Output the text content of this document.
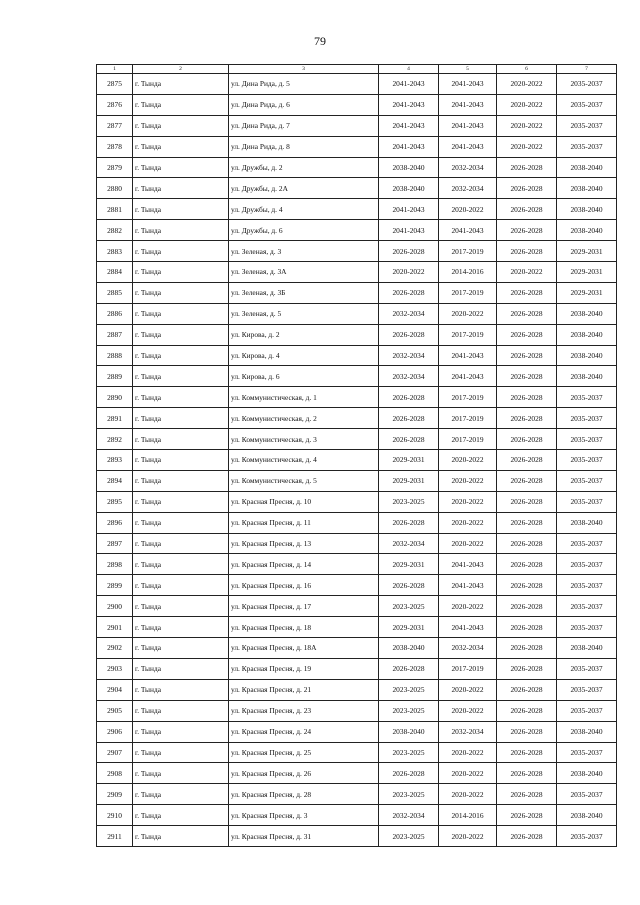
79
1	2	3	4	5	6	7
2875	г. Тында	ул. Дина Рида, д. 5	2041-2043	2041-2043	2020-2022	2035-2037
2876	г. Тында	ул. Дина Рида, д. 6	2041-2043	2041-2043	2020-2022	2035-2037
2877	г. Тында	ул. Дина Рида, д. 7	2041-2043	2041-2043	2020-2022	2035-2037
2878	г. Тында	ул. Дина Рида, д. 8	2041-2043	2041-2043	2020-2022	2035-2037
2879	г. Тында	ул. Дружбы, д. 2	2038-2040	2032-2034	2026-2028	2038-2040
2880	г. Тында	ул. Дружбы, д. 2А	2038-2040	2032-2034	2026-2028	2038-2040
2881	г. Тында	ул. Дружбы, д. 4	2041-2043	2020-2022	2026-2028	2038-2040
2882	г. Тында	ул. Дружбы, д. 6	2041-2043	2041-2043	2026-2028	2038-2040
2883	г. Тында	ул. Зеленая, д. 3	2026-2028	2017-2019	2026-2028	2029-2031
2884	г. Тында	ул. Зеленая, д. 3А	2020-2022	2014-2016	2020-2022	2029-2031
2885	г. Тында	ул. Зеленая, д. 3Б	2026-2028	2017-2019	2026-2028	2029-2031
2886	г. Тында	ул. Зеленая, д. 5	2032-2034	2020-2022	2026-2028	2038-2040
2887	г. Тында	ул. Кирова, д. 2	2026-2028	2017-2019	2026-2028	2038-2040
2888	г. Тында	ул. Кирова, д. 4	2032-2034	2041-2043	2026-2028	2038-2040
2889	г. Тында	ул. Кирова, д. 6	2032-2034	2041-2043	2026-2028	2038-2040
2890	г. Тында	ул. Коммунистическая, д. 1	2026-2028	2017-2019	2026-2028	2035-2037
2891	г. Тында	ул. Коммунистическая, д. 2	2026-2028	2017-2019	2026-2028	2035-2037
2892	г. Тында	ул. Коммунистическая, д. 3	2026-2028	2017-2019	2026-2028	2035-2037
2893	г. Тында	ул. Коммунистическая, д. 4	2029-2031	2020-2022	2026-2028	2035-2037
2894	г. Тында	ул. Коммунистическая, д. 5	2029-2031	2020-2022	2026-2028	2035-2037
2895	г. Тында	ул. Красная Пресня, д. 10	2023-2025	2020-2022	2026-2028	2035-2037
2896	г. Тында	ул. Красная Пресня, д. 11	2026-2028	2020-2022	2026-2028	2038-2040
2897	г. Тында	ул. Красная Пресня, д. 13	2032-2034	2020-2022	2026-2028	2035-2037
2898	г. Тында	ул. Красная Пресня, д. 14	2029-2031	2041-2043	2026-2028	2035-2037
2899	г. Тында	ул. Красная Пресня, д. 16	2026-2028	2041-2043	2026-2028	2035-2037
2900	г. Тында	ул. Красная Пресня, д. 17	2023-2025	2020-2022	2026-2028	2035-2037
2901	г. Тында	ул. Красная Пресня, д. 18	2029-2031	2041-2043	2026-2028	2035-2037
2902	г. Тында	ул. Красная Пресня, д. 18А	2038-2040	2032-2034	2026-2028	2038-2040
2903	г. Тында	ул. Красная Пресня, д. 19	2026-2028	2017-2019	2026-2028	2035-2037
2904	г. Тында	ул. Красная Пресня, д. 21	2023-2025	2020-2022	2026-2028	2035-2037
2905	г. Тында	ул. Красная Пресня, д. 23	2023-2025	2020-2022	2026-2028	2035-2037
2906	г. Тында	ул. Красная Пресня, д. 24	2038-2040	2032-2034	2026-2028	2038-2040
2907	г. Тында	ул. Красная Пресня, д. 25	2023-2025	2020-2022	2026-2028	2035-2037
2908	г. Тында	ул. Красная Пресня, д. 26	2026-2028	2020-2022	2026-2028	2038-2040
2909	г. Тында	ул. Красная Пресня, д. 28	2023-2025	2020-2022	2026-2028	2035-2037
2910	г. Тында	ул. Красная Пресня, д. 3	2032-2034	2014-2016	2026-2028	2038-2040
2911	г. Тында	ул. Красная Пресня, д. 31	2023-2025	2020-2022	2026-2028	2035-2037
